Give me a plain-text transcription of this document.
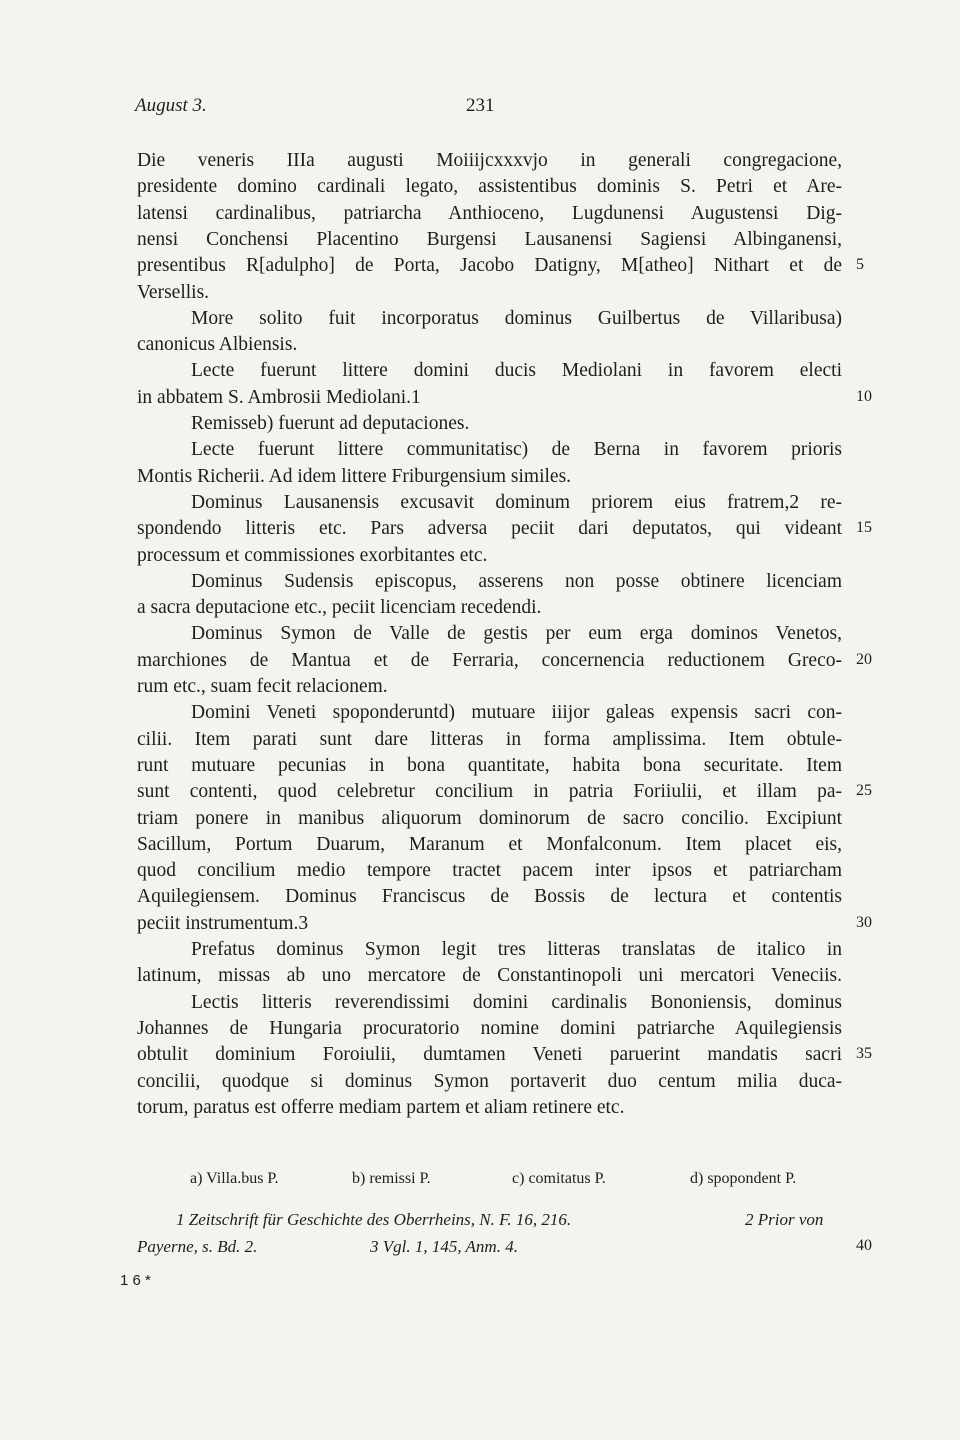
August 3.	231
Die veneris IIIa augusti Moiiijcxxxvjo in generali congregacione,
presidente domino cardinali legato, assistentibus dominis S. Petri et Are-
latensi cardinalibus, patriarcha Anthioceno, Lugdunensi Augustensi Dig-
nensi Conchensi Placentino Burgensi Lausanensi Sagiensi Albinganensi,
presentibus R[adulpho] de Porta, Jacobo Datigny, M[atheo] Nithart et de
Versellis.
More solito fuit incorporatus dominus Guilbertus de Villaribusa)
canonicus Albiensis.
Lecte fuerunt littere domini ducis Mediolani in favorem electi
in abbatem S. Ambrosii Mediolani.1
Remisseb) fuerunt ad deputaciones.
Lecte fuerunt littere communitatisc) de Berna in favorem prioris
Montis Richerii. Ad idem littere Friburgensium similes.
Dominus Lausanensis excusavit dominum priorem eius fratrem,2 re-
spondendo litteris etc. Pars adversa peciit dari deputatos, qui videant
processum et commissiones exorbitantes etc.
Dominus Sudensis episcopus, asserens non posse obtinere licenciam
a sacra deputacione etc., peciit licenciam recedendi.
Dominus Symon de Valle de gestis per eum erga dominos Venetos,
marchiones de Mantua et de Ferraria, concernencia reductionem Greco-
rum etc., suam fecit relacionem.
Domini Veneti spoponderuntd) mutuare iiijor galeas expensis sacri con-
cilii. Item parati sunt dare litteras in forma amplissima. Item obtule-
runt mutuare pecunias in bona quantitate, habita bona securitate. Item
sunt contenti, quod celebretur concilium in patria Foriiulii, et illam pa-
triam ponere in manibus aliquorum dominorum de sacro concilio. Excipiunt
Sacillum, Portum Duarum, Maranum et Monfalconum. Item placet eis,
quod concilium medio tempore tractet pacem inter ipsos et patriarcham
Aquilegiensem. Dominus Franciscus de Bossis de lectura et contentis
peciit instrumentum.3
Prefatus dominus Symon legit tres litteras translatas de italico in
latinum, missas ab uno mercatore de Constantinopoli uni mercatori Veneciis.
Lectis litteris reverendissimi domini cardinalis Bononiensis, dominus
Johannes de Hungaria procuratorio nomine domini patriarche Aquilegiensis
obtulit dominium Foroiulii, dumtamen Veneti paruerint mandatis sacri
concilii, quodque si dominus Symon portaverit duo centum milia duca-
torum, paratus est offerre mediam partem et aliam retinere etc.
5
10
15
20
25
30
35
40
a) Villa.bus P.	b) remissi P.	c) comitatus P.	d) spopondent P.
1 Zeitschrift für Geschichte des Oberrheins, N. F. 16, 216.	2 Prior von
Payerne, s. Bd. 2.	3 Vgl. 1, 145, Anm. 4.
1 6 *
